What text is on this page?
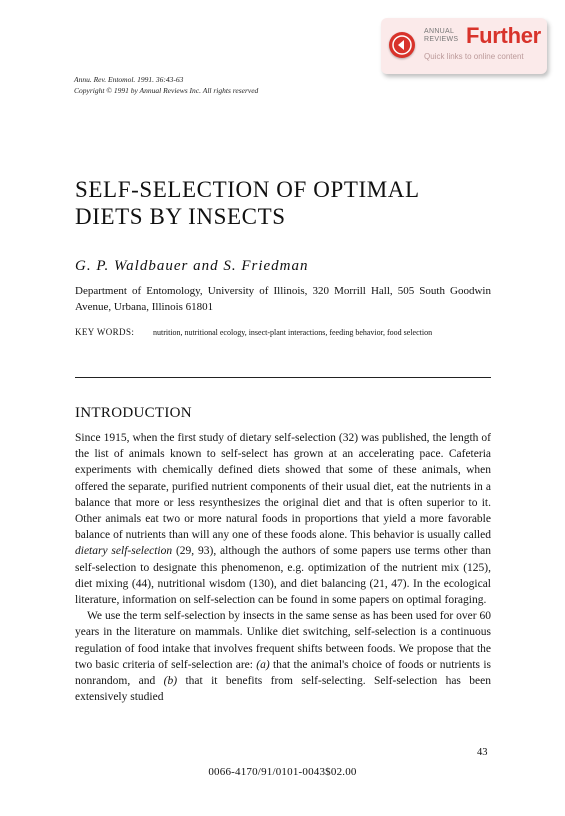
ANNUAL REVIEWS Further
Quick links to online content
Annu. Rev. Entomol. 1991. 36:43-63
Copyright © 1991 by Annual Reviews Inc. All rights reserved
SELF-SELECTION OF OPTIMAL
DIETS BY INSECTS
G. P. Waldbauer and S. Friedman
Department of Entomology, University of Illinois, 320 Morrill Hall, 505 South Goodwin Avenue, Urbana, Illinois 61801
KEY WORDS: nutrition, nutritional ecology, insect-plant interactions, feeding behavior, food selection
INTRODUCTION

Since 1915, when the first study of dietary self-selection (32) was published, the length of the list of animals known to self-select has grown at an accelerating pace. Cafeteria experiments with chemically defined diets showed that some of these animals, when offered the separate, purified nutrient components of their usual diet, eat the nutrients in a balance that more or less resynthesizes the original diet and that is often superior to it. Other animals eat two or more natural foods in proportions that yield a more favorable balance of nutrients than will any one of these foods alone. This behavior is usually called dietary self-selection (29, 93), although the authors of some papers use terms other than self-selection to designate this phenomenon, e.g. optimization of the nutrient mix (125), diet mixing (44), nutritional wisdom (130), and diet balancing (21, 47). In the ecological literature, information on self-selection can be found in some papers on optimal foraging.

We use the term self-selection by insects in the same sense as has been used for over 60 years in the literature on mammals. Unlike diet switching, self-selection is a continuous regulation of food intake that involves frequent shifts between foods. We propose that the two basic criteria of self-selection are: (a) that the animal's choice of foods or nutrients is nonrandom, and (b) that it benefits from self-selecting. Self-selection has been extensively studied

43
0066-4170/91/0101-0043$02.00
